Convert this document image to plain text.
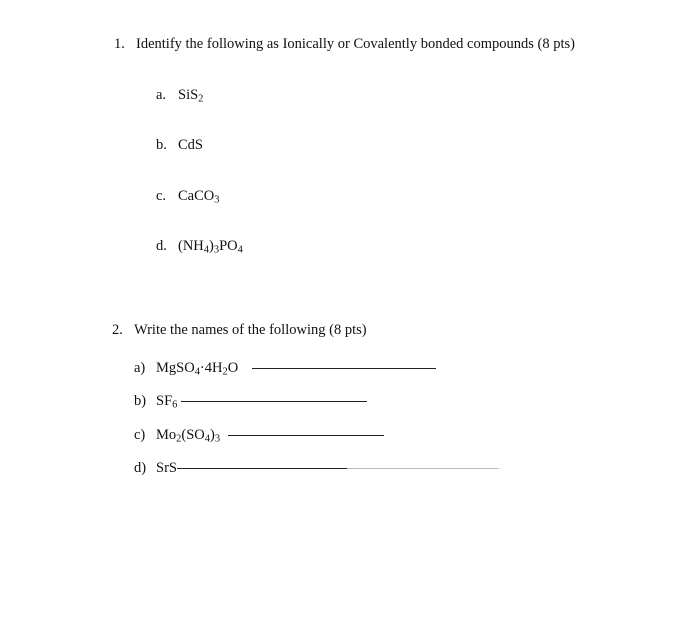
1. Identify the following as Ionically or Covalently bonded compounds (8 pts)
a. SiS$_2$
b. CdS
c. CaCO$_3$
d. $(NH_4)_3PO_4$
2. Write the names of the following (8 pts)
a) $MgSO_4\cdot 4H_2O$
b) $SF_6$
c) $Mo_2(SO_4)_3$
d) SrS
